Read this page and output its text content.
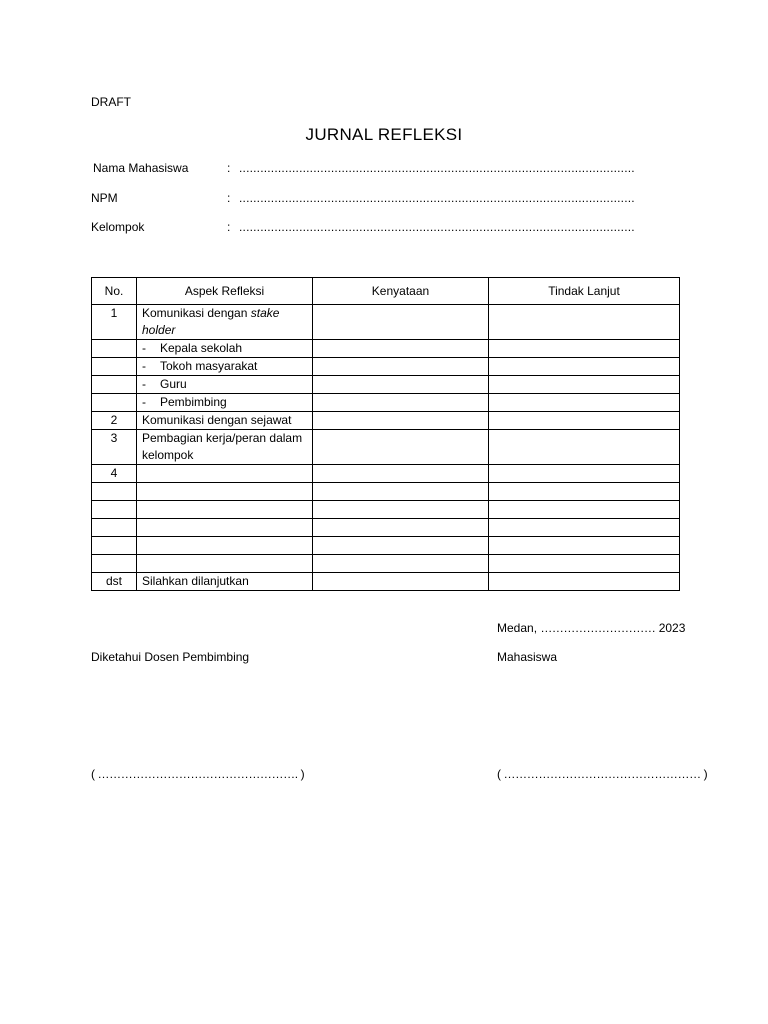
DRAFT
JURNAL REFLEKSI
Nama Mahasiswa	: ................................................................................................................
NPM	: ................................................................................................................
Kelompok	: ................................................................................................................
No.	Aspek Refleksi	Kenyataan	Tindak Lanjut
1	Komunikasi dengan stake holder		
	- Kepala sekolah		
	- Tokoh masyarakat		
	- Guru		
	- Pembimbing		
2	Komunikasi dengan sejawat		
3	Pembagian kerja/peran dalam kelompok		
4			

dst	Silahkan dilanjutkan		
Medan, ………………………… 2023
Diketahui Dosen Pembimbing	Mahasiswa
( ……………………………………………. )	( …………………………………………… )
